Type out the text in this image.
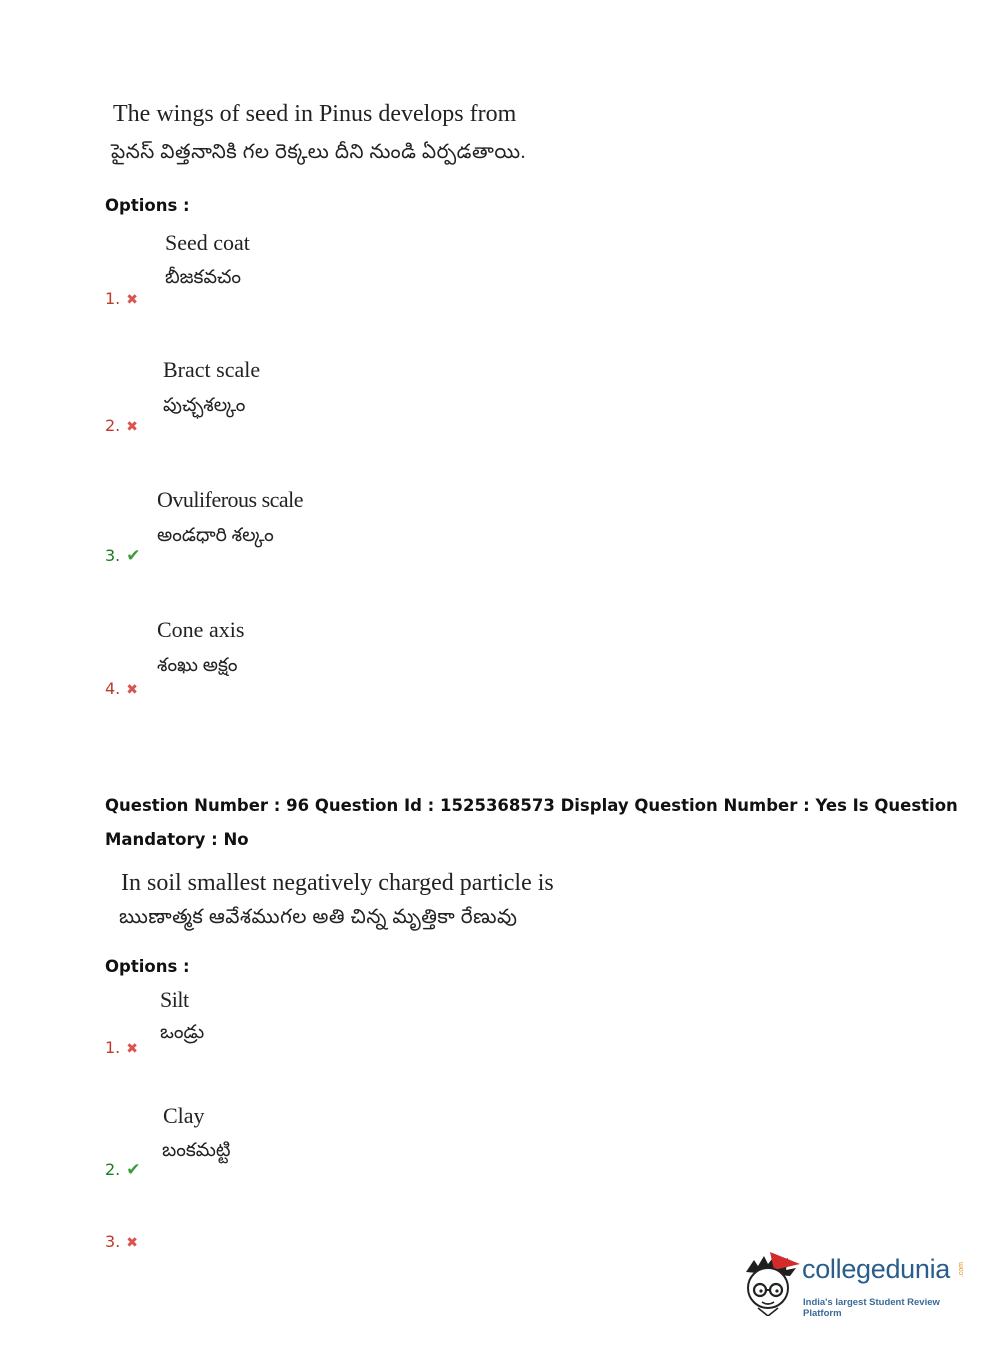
The wings of seed in Pinus develops from
పైనస్ విత్తనానికి గల రెక్కలు దీని నుండి ఏర్పడతాయి.
Options :
Seed coat
బీజకవచం
1. ✖
Bract scale
పుచ్ఛశల్కం
2. ✖
Ovuliferous scale
అండధారి శల్కం
3. ✔
Cone axis
శంఖు అక్షం
4. ✖
Question Number : 96 Question Id : 1525368573 Display Question Number : Yes Is Question
Mandatory : No
In soil smallest negatively charged particle is
ఋణాత్మక ఆవేశముగల అతి చిన్న మృత్తికా రేణువు
Options :
Silt
ఒండ్రు
1. ✖
Clay
బంకమట్టి
2. ✔
3. ✖
collegedunia .com
India's largest Student Review Platform
